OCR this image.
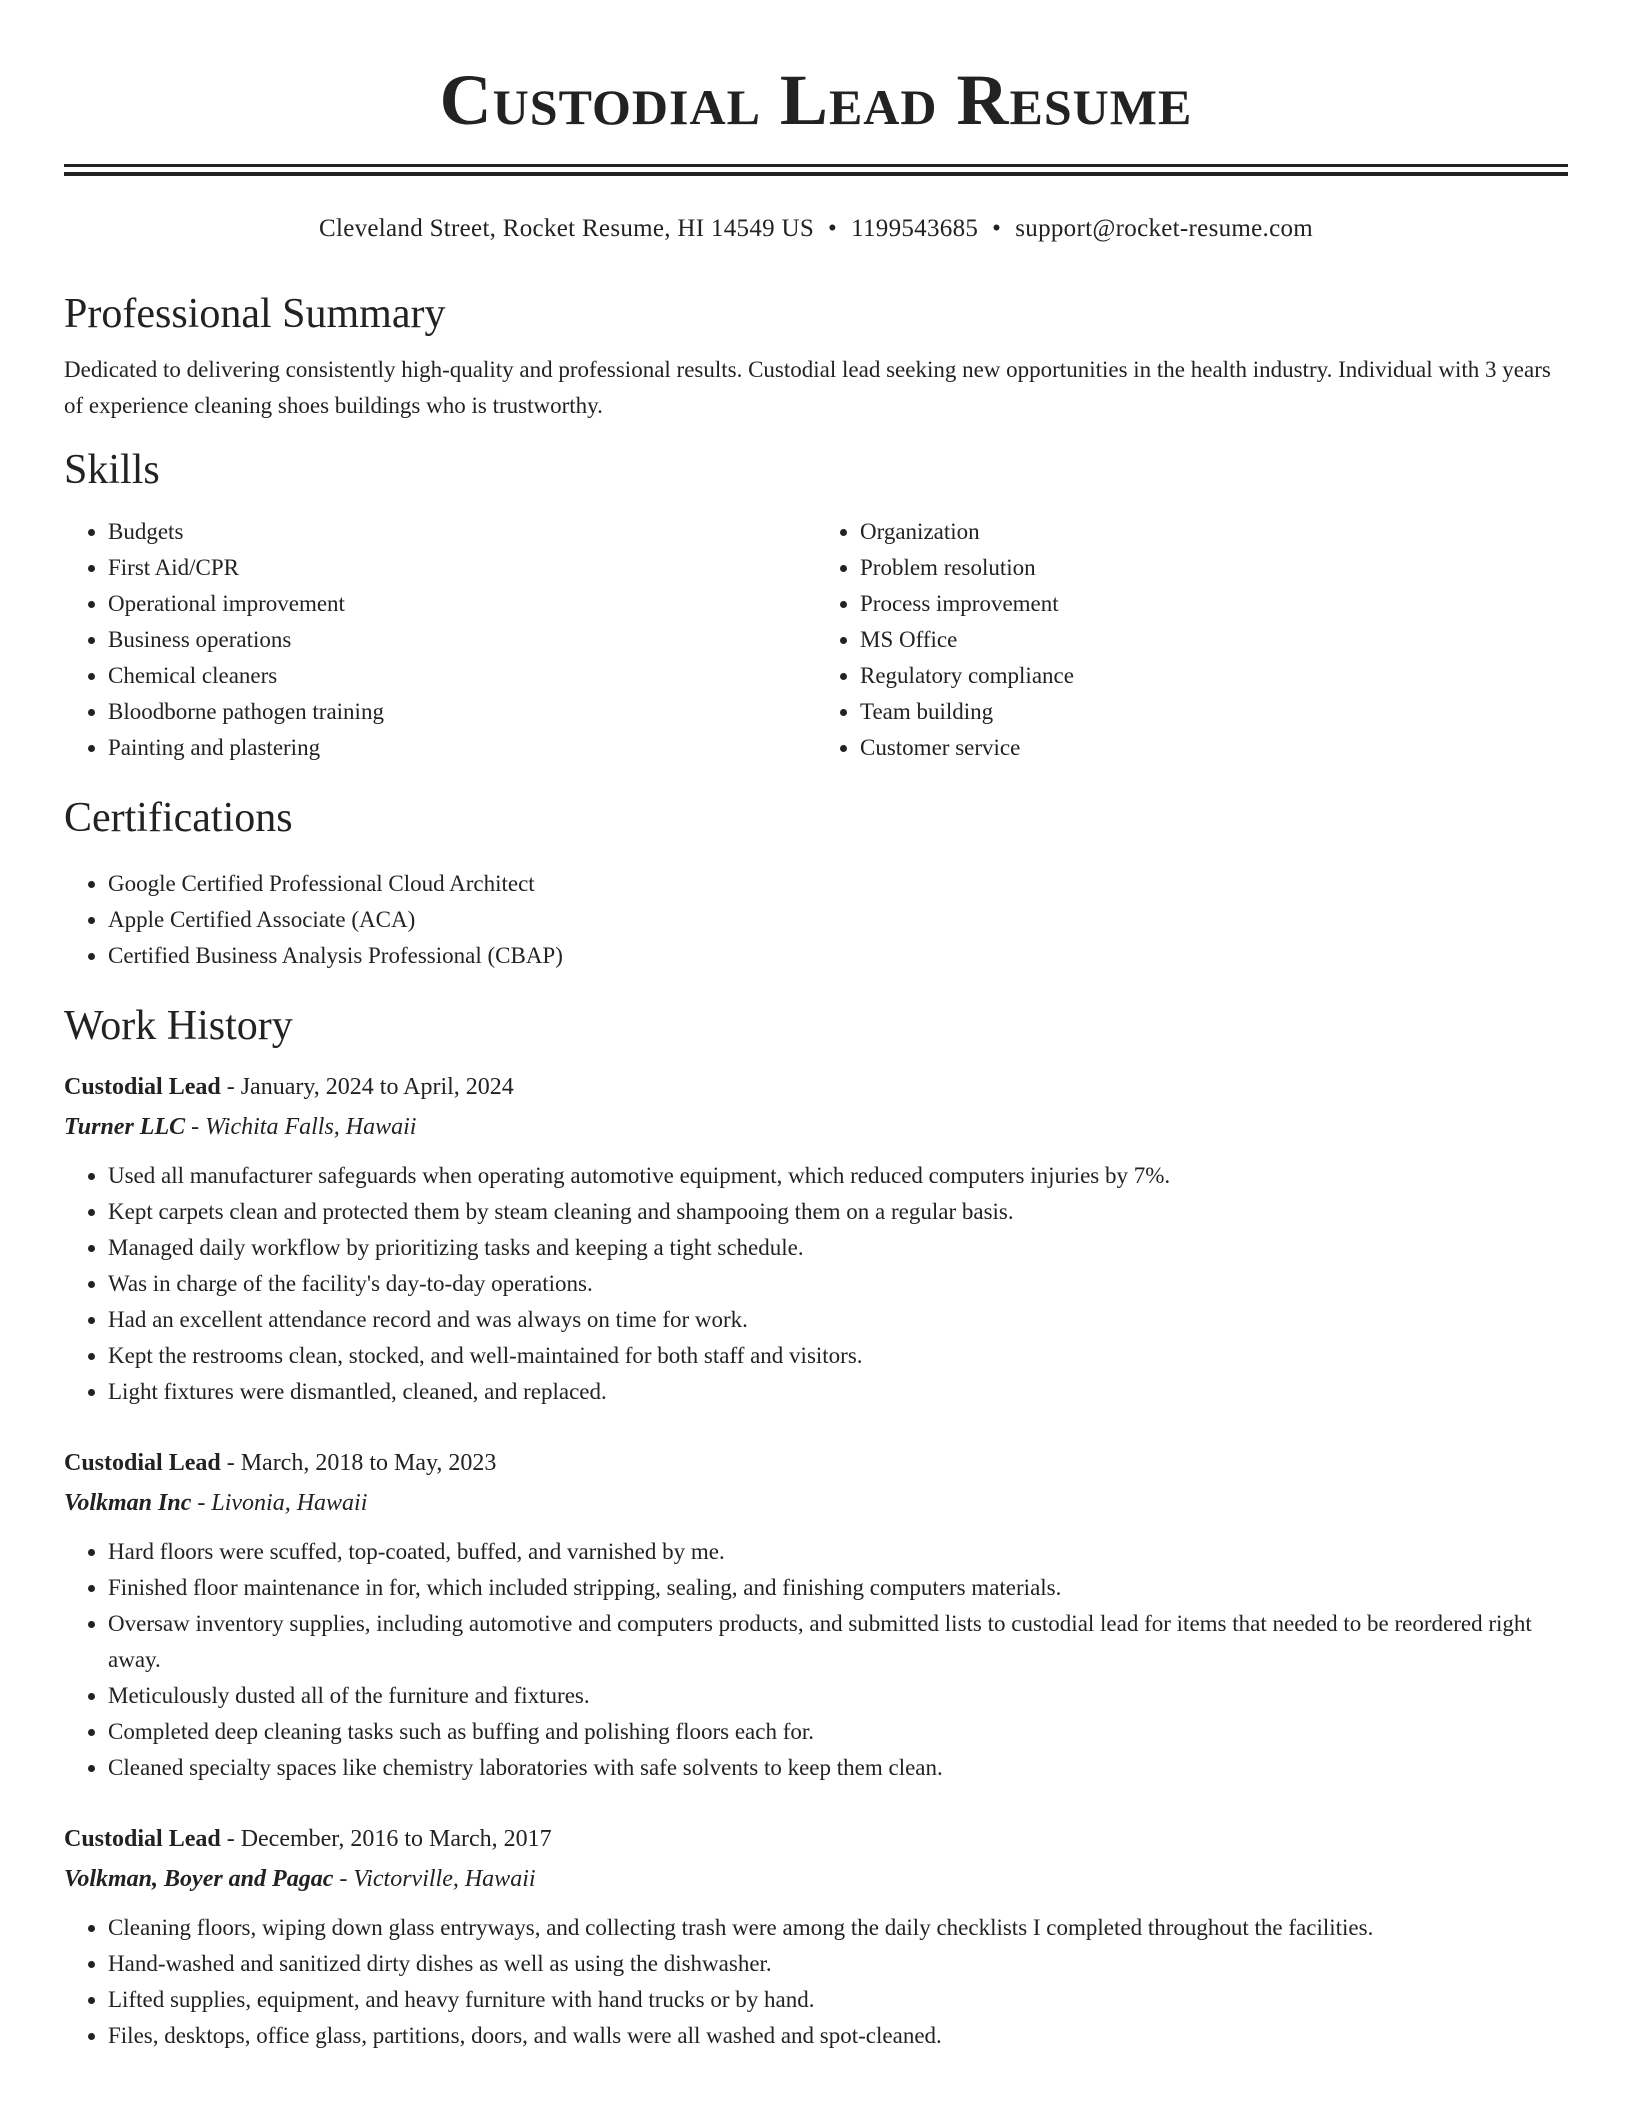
Custodial Lead Resume
Cleveland Street, Rocket Resume, HI 14549 US • 1199543685 • support@rocket-resume.com
Professional Summary
Dedicated to delivering consistently high-quality and professional results. Custodial lead seeking new opportunities in the health industry. Individual with 3 years of experience cleaning shoes buildings who is trustworthy.
Skills
• Budgets
• First Aid/CPR
• Operational improvement
• Business operations
• Chemical cleaners
• Bloodborne pathogen training
• Painting and plastering
• Organization
• Problem resolution
• Process improvement
• MS Office
• Regulatory compliance
• Team building
• Customer service
Certifications
• Google Certified Professional Cloud Architect
• Apple Certified Associate (ACA)
• Certified Business Analysis Professional (CBAP)
Work History
Custodial Lead - January, 2024 to April, 2024
Turner LLC - Wichita Falls, Hawaii
• Used all manufacturer safeguards when operating automotive equipment, which reduced computers injuries by 7%.
• Kept carpets clean and protected them by steam cleaning and shampooing them on a regular basis.
• Managed daily workflow by prioritizing tasks and keeping a tight schedule.
• Was in charge of the facility's day-to-day operations.
• Had an excellent attendance record and was always on time for work.
• Kept the restrooms clean, stocked, and well-maintained for both staff and visitors.
• Light fixtures were dismantled, cleaned, and replaced.
Custodial Lead - March, 2018 to May, 2023
Volkman Inc - Livonia, Hawaii
• Hard floors were scuffed, top-coated, buffed, and varnished by me.
• Finished floor maintenance in for, which included stripping, sealing, and finishing computers materials.
• Oversaw inventory supplies, including automotive and computers products, and submitted lists to custodial lead for items that needed to be reordered right away.
• Meticulously dusted all of the furniture and fixtures.
• Completed deep cleaning tasks such as buffing and polishing floors each for.
• Cleaned specialty spaces like chemistry laboratories with safe solvents to keep them clean.
Custodial Lead - December, 2016 to March, 2017
Volkman, Boyer and Pagac - Victorville, Hawaii
• Cleaning floors, wiping down glass entryways, and collecting trash were among the daily checklists I completed throughout the facilities.
• Hand-washed and sanitized dirty dishes as well as using the dishwasher.
• Lifted supplies, equipment, and heavy furniture with hand trucks or by hand.
• Files, desktops, office glass, partitions, doors, and walls were all washed and spot-cleaned.
